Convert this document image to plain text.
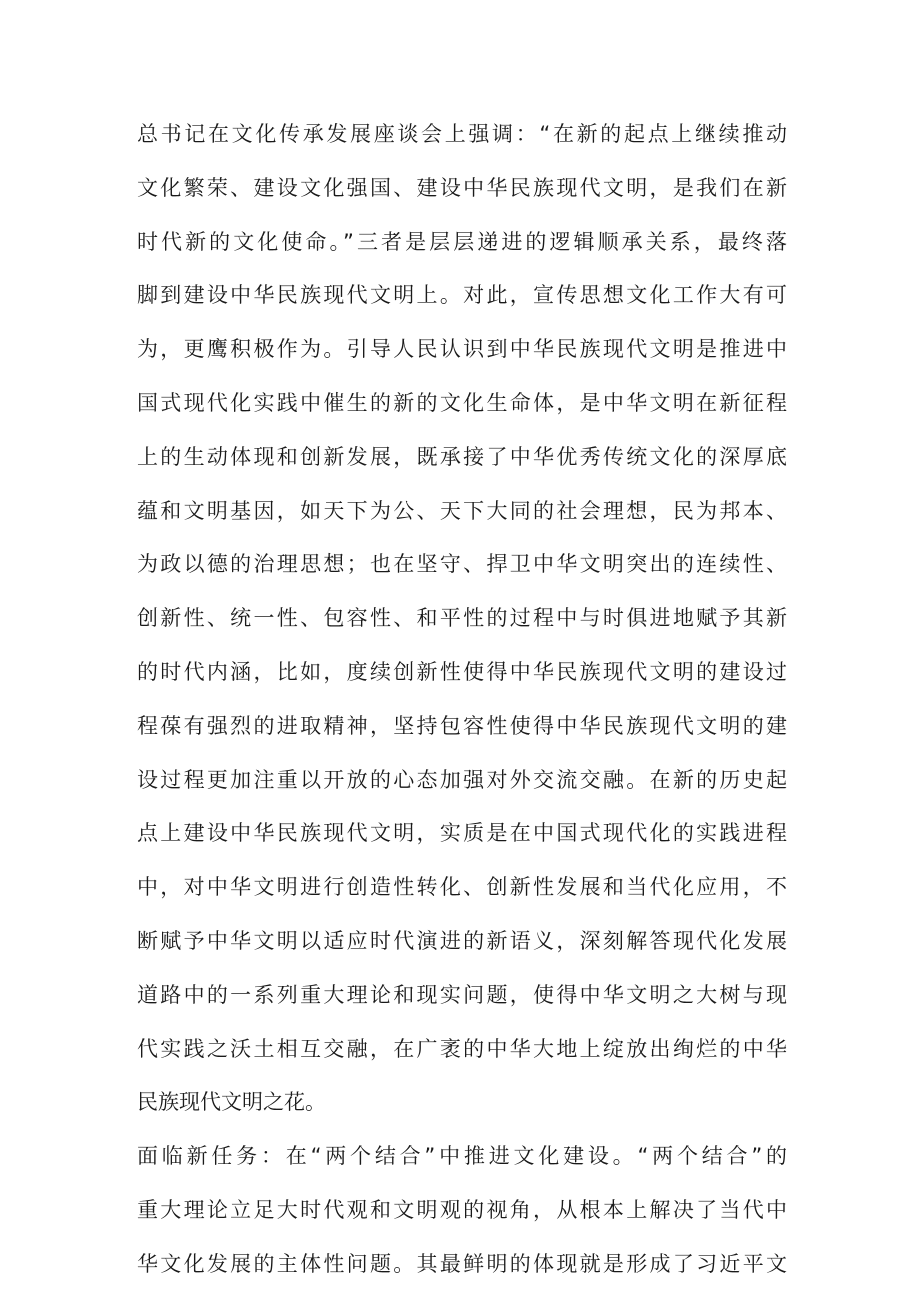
总书记在文化传承发展座谈会上强调：“在新的起点上继续推动
文化繁荣、建设文化强国、建设中华民族现代文明，是我们在新
时代新的文化使命。”三者是层层递进的逻辑顺承关系，最终落
脚到建设中华民族现代文明上。对此，宣传思想文化工作大有可
为，更鹰积极作为。引导人民认识到中华民族现代文明是推进中
国式现代化实践中催生的新的文化生命体，是中华文明在新征程
上的生动体现和创新发展，既承接了中华优秀传统文化的深厚底
蕴和文明基因，如天下为公、天下大同的社会理想，民为邦本、
为政以德的治理思想；也在坚守、捍卫中华文明突出的连续性、
创新性、统一性、包容性、和平性的过程中与时俱进地赋予其新
的时代内涵，比如，度续创新性使得中华民族现代文明的建设过
程葆有强烈的进取精神，坚持包容性使得中华民族现代文明的建
设过程更加注重以开放的心态加强对外交流交融。在新的历史起
点上建设中华民族现代文明，实质是在中国式现代化的实践进程
中，对中华文明进行创造性转化、创新性发展和当代化应用，不
断赋予中华文明以适应时代演进的新语义，深刻解答现代化发展
道路中的一系列重大理论和现实问题，使得中华文明之大树与现
代实践之沃土相互交融，在广袤的中华大地上绽放出绚烂的中华
民族现代文明之花。
面临新任务：在“两个结合”中推进文化建设。“两个结合”的
重大理论立足大时代观和文明观的视角，从根本上解决了当代中
华文化发展的主体性问题。其最鲜明的体现就是形成了习近平文
